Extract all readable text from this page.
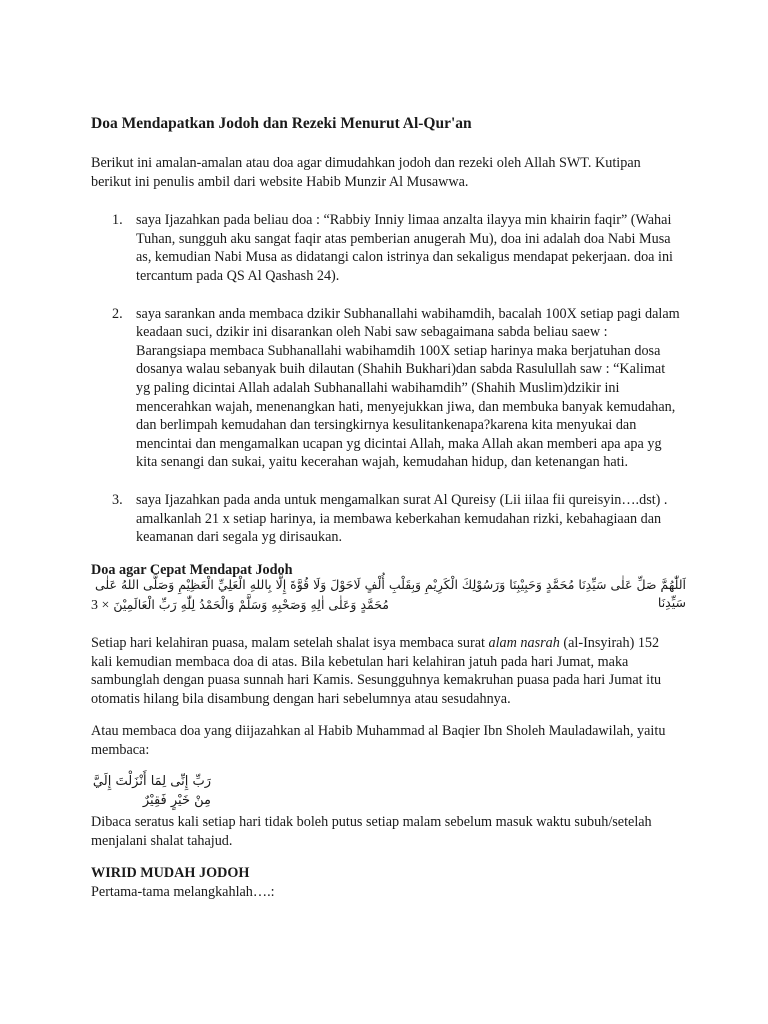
Doa Mendapatkan Jodoh dan Rezeki Menurut Al-Qur'an

Berikut ini amalan-amalan atau doa agar dimudahkan jodoh dan rezeki oleh Allah SWT. Kutipan berikut ini penulis ambil dari website Habib Munzir Al Musawwa.

1. saya Ijazahkan pada beliau doa : “Rabbiy Inniy limaa anzalta ilayya min khairin faqir” (Wahai Tuhan, sungguh aku sangat faqir atas pemberian anugerah Mu), doa ini adalah doa Nabi Musa as, kemudian Nabi Musa as didatangi calon istrinya dan sekaligus mendapat pekerjaan. doa ini tercantum pada QS Al Qashash 24).
2. saya sarankan anda membaca dzikir Subhanallahi wabihamdih, bacalah 100X setiap pagi dalam keadaan suci, dzikir ini disarankan oleh Nabi saw sebagaimana sabda beliau saew : Barangsiapa membaca Subhanallahi wabihamdih 100X setiap harinya maka berjatuhan dosa dosanya walau sebanyak buih dilautan (Shahih Bukhari)dan sabda Rasulullah saw : “Kalimat yg paling dicintai Allah adalah Subhanallahi wabihamdih” (Shahih Muslim)dzikir ini mencerahkan wajah, menenangkan hati, menyejukkan jiwa, dan membuka banyak kemudahan, dan berlimpah kemudahan dan tersingkirnya kesulitankenapa?karena kita menyukai dan mencintai dan mengamalkan ucapan yg dicintai Allah, maka Allah akan memberi apa apa yg kita senangi dan sukai, yaitu kecerahan wajah, kemudahan hidup, dan ketenangan hati.
3. saya Ijazahkan pada anda untuk mengamalkan surat Al Qureisy (Lii iilaa fii qureisyin….dst) . amalkanlah 21 x setiap harinya, ia membawa keberkahan kemudahan rizki, kebahagiaan dan keamanan dari segala yg dirisaukan.
Doa agar Cepat Mendapat Jodoh
اَللّٰهُمَّ صَلِّ عَلٰى سَيِّدِنَا مُحَمَّدٍ وَحَبِيْبِنَا وَرَسُوْلِكَ الْكَرِيْمِ وَبِقَلْبِ أُلْفٍ لَاحَوْلَ وَلَا قُوَّةَ إِلَّا بِاللهِ الْعَلِيِّ الْعَظِيْمِ وَصَلَّى اللهُ عَلٰى سَيِّدِنَا
3 × مُحَمَّدٍ وَعَلٰى اٰلِهِ وَصَحْبِهِ وَسَلَّمْ وَالْحَمْدُ لِلّٰهِ رَبِّ الْعَالَمِيْنَ

Setiap hari kelahiran puasa, malam setelah shalat isya membaca surat alam nasrah (al-Insyirah) 152 kali kemudian membaca doa di atas. Bila kebetulan hari kelahiran jatuh pada hari Jumat, maka sambunglah dengan puasa sunnah hari Kamis. Sesungguhnya kemakruhan puasa pada hari Jumat itu otomatis hilang bila disambung dengan hari sebelumnya atau sesudahnya.

Atau membaca doa yang diijazahkan al Habib Muhammad al Baqier Ibn Sholeh Mauladawilah, yaitu membaca:

رَبِّ إِنِّى لِمَا أَنْزَلْتَ إِلَيَّ مِنْ خَيْرٍ فَقِيْرٌ

Dibaca seratus kali setiap hari tidak boleh putus setiap malam sebelum masuk waktu subuh/setelah menjalani shalat tahajud.

WIRID MUDAH JODOH
Pertama-tama melangkahlah….:
